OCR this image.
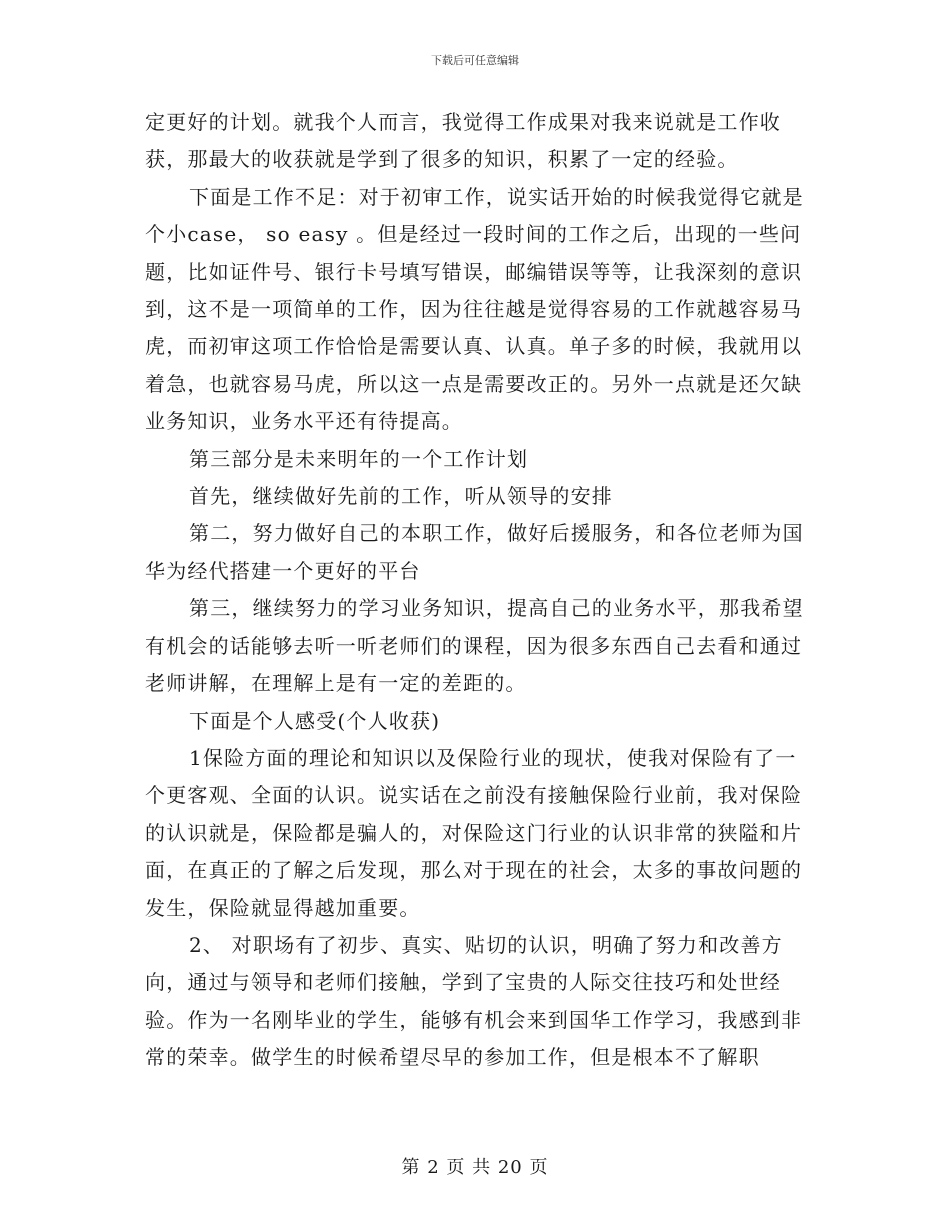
下载后可任意编辑

定更好的计划。就我个人而言，我觉得工作成果对我来说就是工作收获，那最大的收获就是学到了很多的知识，积累了一定的经验。

下面是工作不足：对于初审工作，说实话开始的时候我觉得它就是个小case， so easy 。但是经过一段时间的工作之后，出现的一些问题，比如证件号、银行卡号填写错误，邮编错误等等，让我深刻的意识到，这不是一项简单的工作，因为往往越是觉得容易的工作就越容易马虎，而初审这项工作恰恰是需要认真、认真。单子多的时候，我就用以着急，也就容易马虎，所以这一点是需要改正的。另外一点就是还欠缺业务知识，业务水平还有待提高。

第三部分是未来明年的一个工作计划

首先，继续做好先前的工作，听从领导的安排

第二，努力做好自己的本职工作，做好后援服务，和各位老师为国华为经代搭建一个更好的平台

第三，继续努力的学习业务知识，提高自己的业务水平，那我希望有机会的话能够去听一听老师们的课程，因为很多东西自己去看和通过老师讲解，在理解上是有一定的差距的。

下面是个人感受(个人收获)

1保险方面的理论和知识以及保险行业的现状，使我对保险有了一个更客观、全面的认识。说实话在之前没有接触保险行业前，我对保险的认识就是，保险都是骗人的，对保险这门行业的认识非常的狭隘和片面，在真正的了解之后发现，那么对于现在的社会，太多的事故问题的发生，保险就显得越加重要。

2、 对职场有了初步、真实、贴切的认识，明确了努力和改善方向，通过与领导和老师们接触，学到了宝贵的人际交往技巧和处世经验。作为一名刚毕业的学生，能够有机会来到国华工作学习，我感到非常的荣幸。做学生的时候希望尽早的参加工作，但是根本不了解职

第 2 页 共 20 页
